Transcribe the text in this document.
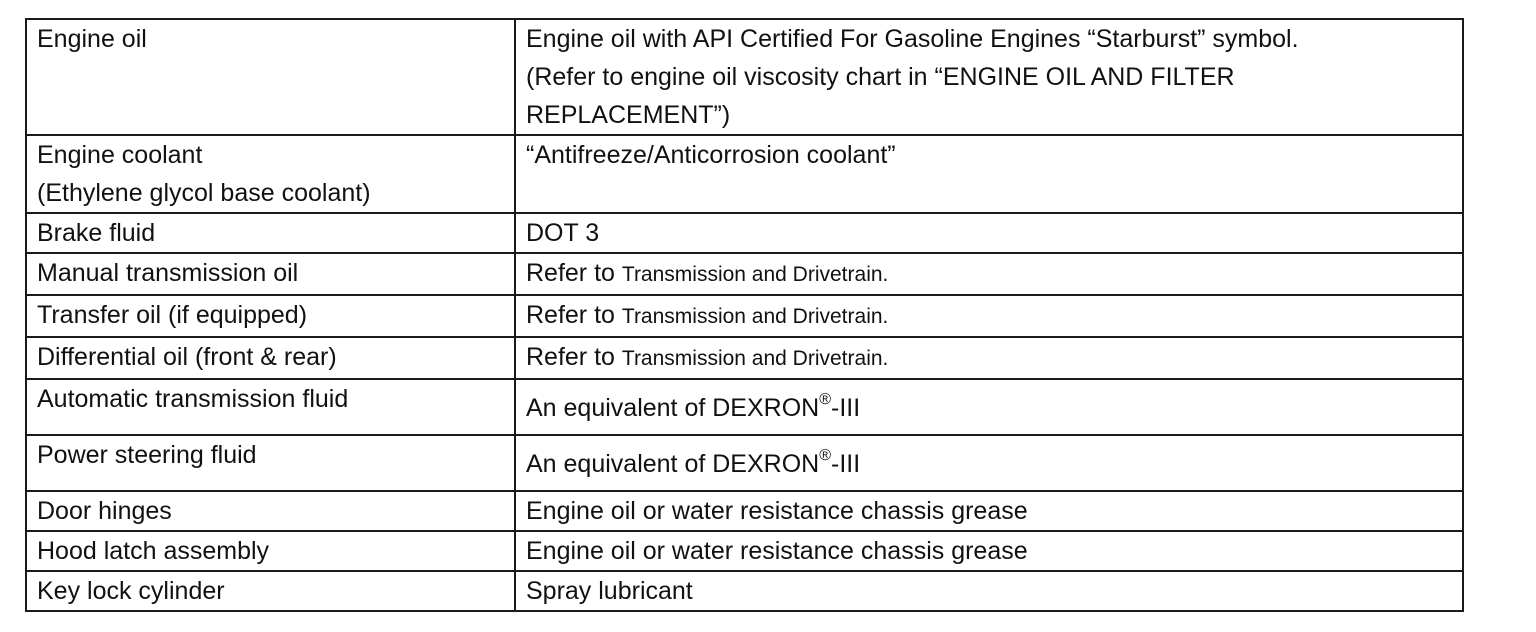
Engine oil	Engine oil with API Certified For Gasoline Engines “Starburst” symbol.
(Refer to engine oil viscosity chart in “ENGINE OIL AND FILTER
REPLACEMENT”)

Engine coolant
(Ethylene glycol base coolant)	“Antifreeze/Anticorrosion coolant”

Brake fluid	DOT 3

Manual transmission oil	Refer to Transmission and Drivetrain.

Transfer oil (if equipped)	Refer to Transmission and Drivetrain.

Differential oil (front & rear)	Refer to Transmission and Drivetrain.

Automatic transmission fluid	An equivalent of DEXRON®-III

Power steering fluid	An equivalent of DEXRON®-III

Door hinges	Engine oil or water resistance chassis grease

Hood latch assembly	Engine oil or water resistance chassis grease

Key lock cylinder	Spray lubricant
